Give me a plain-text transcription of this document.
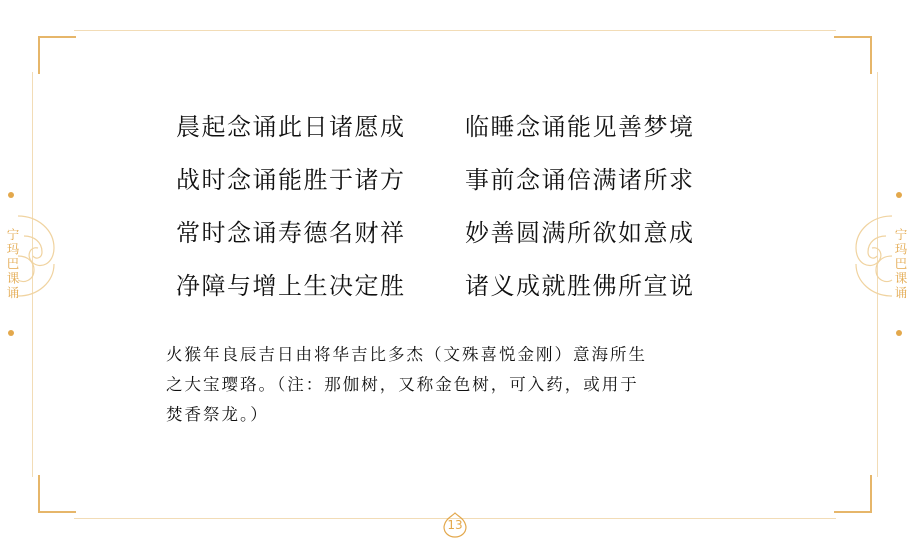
宁玛巴课诵	宁玛巴课诵
晨起念诵此日诸愿成	临睡念诵能见善梦境
战时念诵能胜于诸方	事前念诵倍满诸所求
常时念诵寿德名财祥	妙善圆满所欲如意成
净障与增上生决定胜	诸义成就胜佛所宣说
火猴年良辰吉日由将华吉比多杰（文殊喜悦金刚）意海所生
之大宝璎珞。（注：那伽树，又称金色树，可入药，或用于
焚香祭龙。）
13
